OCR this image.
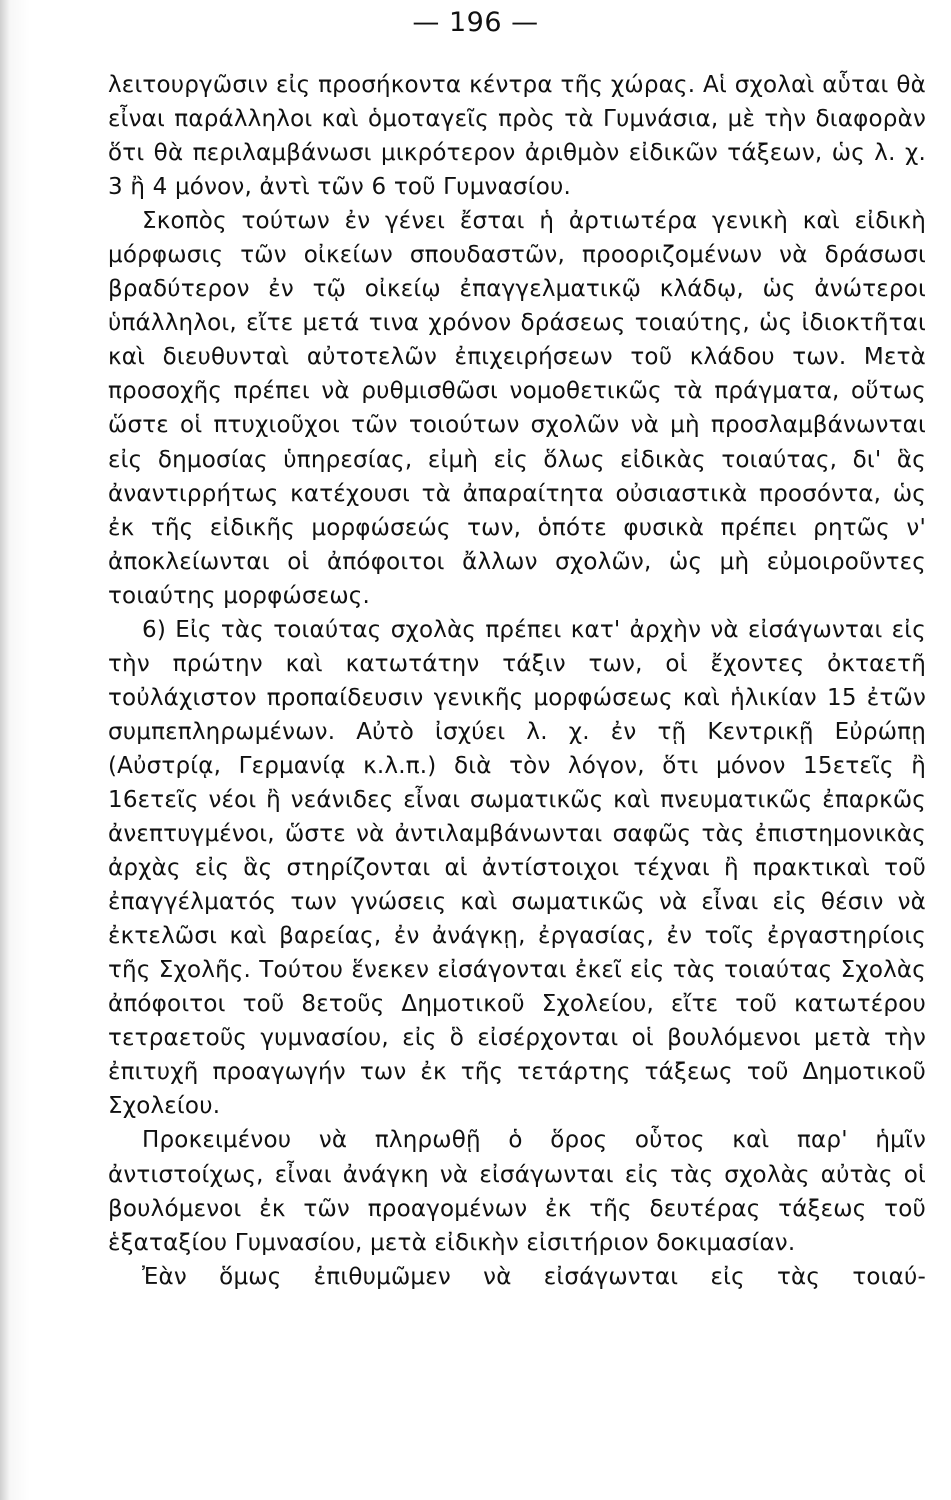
— 196 —

λειτουργῶσιν εἰς προσήκοντα κέντρα τῆς χώρας. Αἱ σχολαὶ αὗται θὰ εἶναι παράλληλοι καὶ ὁμοταγεῖς πρὸς τὰ Γυμνάσια, μὲ τὴν διαφορὰν ὅτι θὰ περιλαμβάνωσι μικρότερον ἀριθμὸν εἰδικῶν τάξεων, ὡς λ. χ. 3 ἢ 4 μόνον, ἀντὶ τῶν 6 τοῦ Γυμνασίου.

Σκοπὸς τούτων ἐν γένει ἔσται ἡ ἀρτιωτέρα γενικὴ καὶ εἰδικὴ μόρφωσις τῶν οἰκείων σπουδαστῶν, προοριζομένων νὰ δράσωσι βραδύτερον ἐν τῷ οἰκείῳ ἐπαγγελματικῷ κλάδῳ, ὡς ἀνώτεροι ὑπάλληλοι, εἴτε μετά τινα χρόνον δράσεως τοιαύτης, ὡς ἰδιοκτῆται καὶ διευθυνταὶ αὐτοτελῶν ἐπιχειρήσεων τοῦ κλάδου των. Μετὰ προσοχῆς πρέπει νὰ ρυθμισθῶσι νομοθετικῶς τὰ πράγματα, οὕτως ὥστε οἱ πτυχιοῦχοι τῶν τοιούτων σχολῶν νὰ μὴ προσλαμβάνωνται εἰς δημοσίας ὑπηρεσίας, εἰμὴ εἰς ὅλως εἰδικὰς τοιαύτας, δι' ἃς ἀναντιρρήτως κατέχουσι τὰ ἀπαραίτητα οὐσιαστικὰ προσόντα, ὡς ἐκ τῆς εἰδικῆς μορφώσεώς των, ὁπότε φυσικὰ πρέπει ρητῶς ν' ἀποκλείωνται οἱ ἀπόφοιτοι ἄλλων σχολῶν, ὡς μὴ εὐμοιροῦντες τοιαύτης μορφώσεως.

6) Εἰς τὰς τοιαύτας σχολὰς πρέπει κατ' ἀρχὴν νὰ εἰσάγωνται εἰς τὴν πρώτην καὶ κατωτάτην τάξιν των, οἱ ἔχοντες ὀκταετῆ τοὐλάχιστον προπαίδευσιν γενικῆς μορφώσεως καὶ ἡλικίαν 15 ἐτῶν συμπεπληρωμένων. Αὐτὸ ἰσχύει λ. χ. ἐν τῇ Κεντρικῇ Εὐρώπῃ (Αὐστρίᾳ, Γερμανίᾳ κ.λ.π.) διὰ τὸν λόγον, ὅτι μόνον 15ετεῖς ἢ 16ετεῖς νέοι ἢ νεάνιδες εἶναι σωματικῶς καὶ πνευματικῶς ἐπαρκῶς ἀνεπτυγμένοι, ὥστε νὰ ἀντιλαμβάνωνται σαφῶς τὰς ἐπιστημονικὰς ἀρχὰς εἰς ἃς στηρίζονται αἱ ἀντίστοιχοι τέχναι ἢ πρακτικαὶ τοῦ ἐπαγγέλματός των γνώσεις καὶ σωματικῶς νὰ εἶναι εἰς θέσιν νὰ ἐκτελῶσι καὶ βαρείας, ἐν ἀνάγκῃ, ἐργασίας, ἐν τοῖς ἐργαστηρίοις τῆς Σχολῆς. Τούτου ἕνεκεν εἰσάγονται ἐκεῖ εἰς τὰς τοιαύτας Σχολὰς ἀπόφοιτοι τοῦ 8ετοῦς Δημοτικοῦ Σχολείου, εἴτε τοῦ κατωτέρου τετραετοῦς γυμνασίου, εἰς ὃ εἰσέρχονται οἱ βουλόμενοι μετὰ τὴν ἐπιτυχῆ προαγωγήν των ἐκ τῆς τετάρτης τάξεως τοῦ Δημοτικοῦ Σχολείου.

Προκειμένου νὰ πληρωθῇ ὁ ὅρος οὗτος καὶ παρ' ἡμῖν ἀντιστοίχως, εἶναι ἀνάγκη νὰ εἰσάγωνται εἰς τὰς σχολὰς αὐτὰς οἱ βουλόμενοι ἐκ τῶν προαγομένων ἐκ τῆς δευτέρας τάξεως τοῦ ἑξαταξίου Γυμνασίου, μετὰ εἰδικὴν εἰσιτήριον δοκιμασίαν.

Ἐὰν ὅμως ἐπιθυμῶμεν νὰ εἰσάγωνται εἰς τὰς τοιαύ-
